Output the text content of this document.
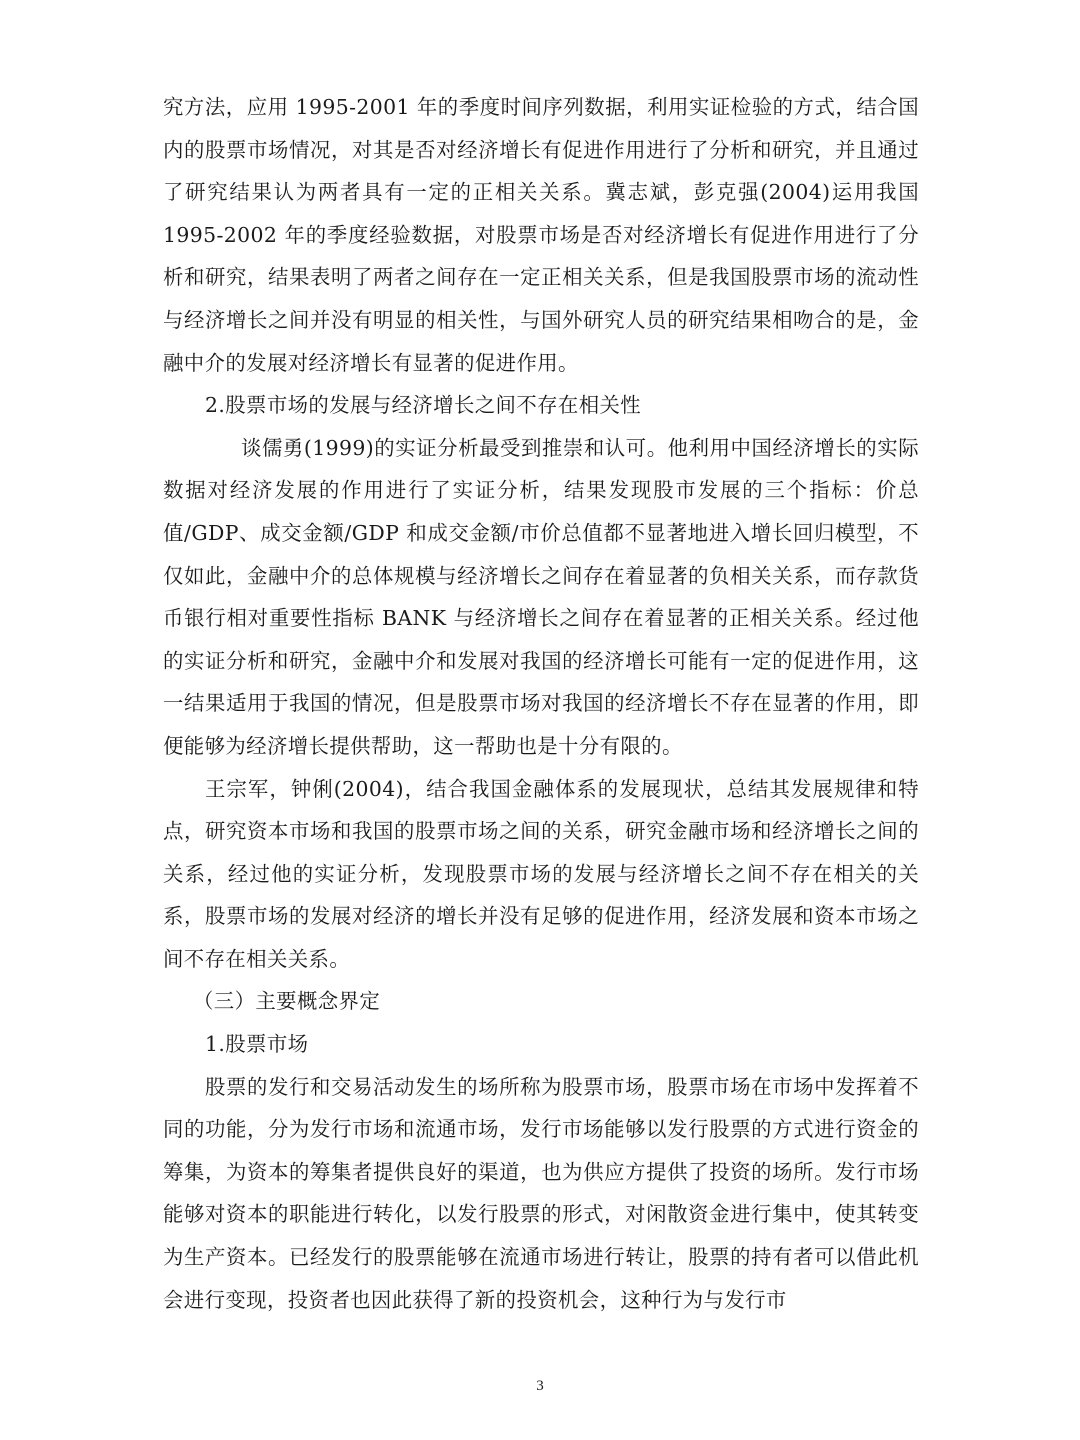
究方法，应用 1995-2001 年的季度时间序列数据，利用实证检验的方式，结合国内的股票市场情况，对其是否对经济增长有促进作用进行了分析和研究，并且通过了研究结果认为两者具有一定的正相关关系。冀志斌，彭克强(2004)运用我国 1995-2002 年的季度经验数据，对股票市场是否对经济增长有促进作用进行了分析和研究，结果表明了两者之间存在一定正相关关系，但是我国股票市场的流动性与经济增长之间并没有明显的相关性，与国外研究人员的研究结果相吻合的是，金融中介的发展对经济增长有显著的促进作用。

2.股票市场的发展与经济增长之间不存在相关性

谈儒勇(1999)的实证分析最受到推崇和认可。他利用中国经济增长的实际数据对经济发展的作用进行了实证分析，结果发现股市发展的三个指标：价总值/GDP、成交金额/GDP 和成交金额/市价总值都不显著地进入增长回归模型，不仅如此，金融中介的总体规模与经济增长之间存在着显著的负相关关系，而存款货币银行相对重要性指标 BANK 与经济增长之间存在着显著的正相关关系。经过他的实证分析和研究，金融中介和发展对我国的经济增长可能有一定的促进作用，这一结果适用于我国的情况，但是股票市场对我国的经济增长不存在显著的作用，即便能够为经济增长提供帮助，这一帮助也是十分有限的。

王宗军，钟俐(2004)，结合我国金融体系的发展现状，总结其发展规律和特点，研究资本市场和我国的股票市场之间的关系，研究金融市场和经济增长之间的关系，经过他的实证分析，发现股票市场的发展与经济增长之间不存在相关的关系，股票市场的发展对经济的增长并没有足够的促进作用，经济发展和资本市场之间不存在相关关系。

（三）主要概念界定

1.股票市场

股票的发行和交易活动发生的场所称为股票市场，股票市场在市场中发挥着不同的功能，分为发行市场和流通市场，发行市场能够以发行股票的方式进行资金的筹集，为资本的筹集者提供良好的渠道，也为供应方提供了投资的场所。发行市场能够对资本的职能进行转化，以发行股票的形式，对闲散资金进行集中，使其转变为生产资本。已经发行的股票能够在流通市场进行转让，股票的持有者可以借此机会进行变现，投资者也因此获得了新的投资机会，这种行为与发行市

3
